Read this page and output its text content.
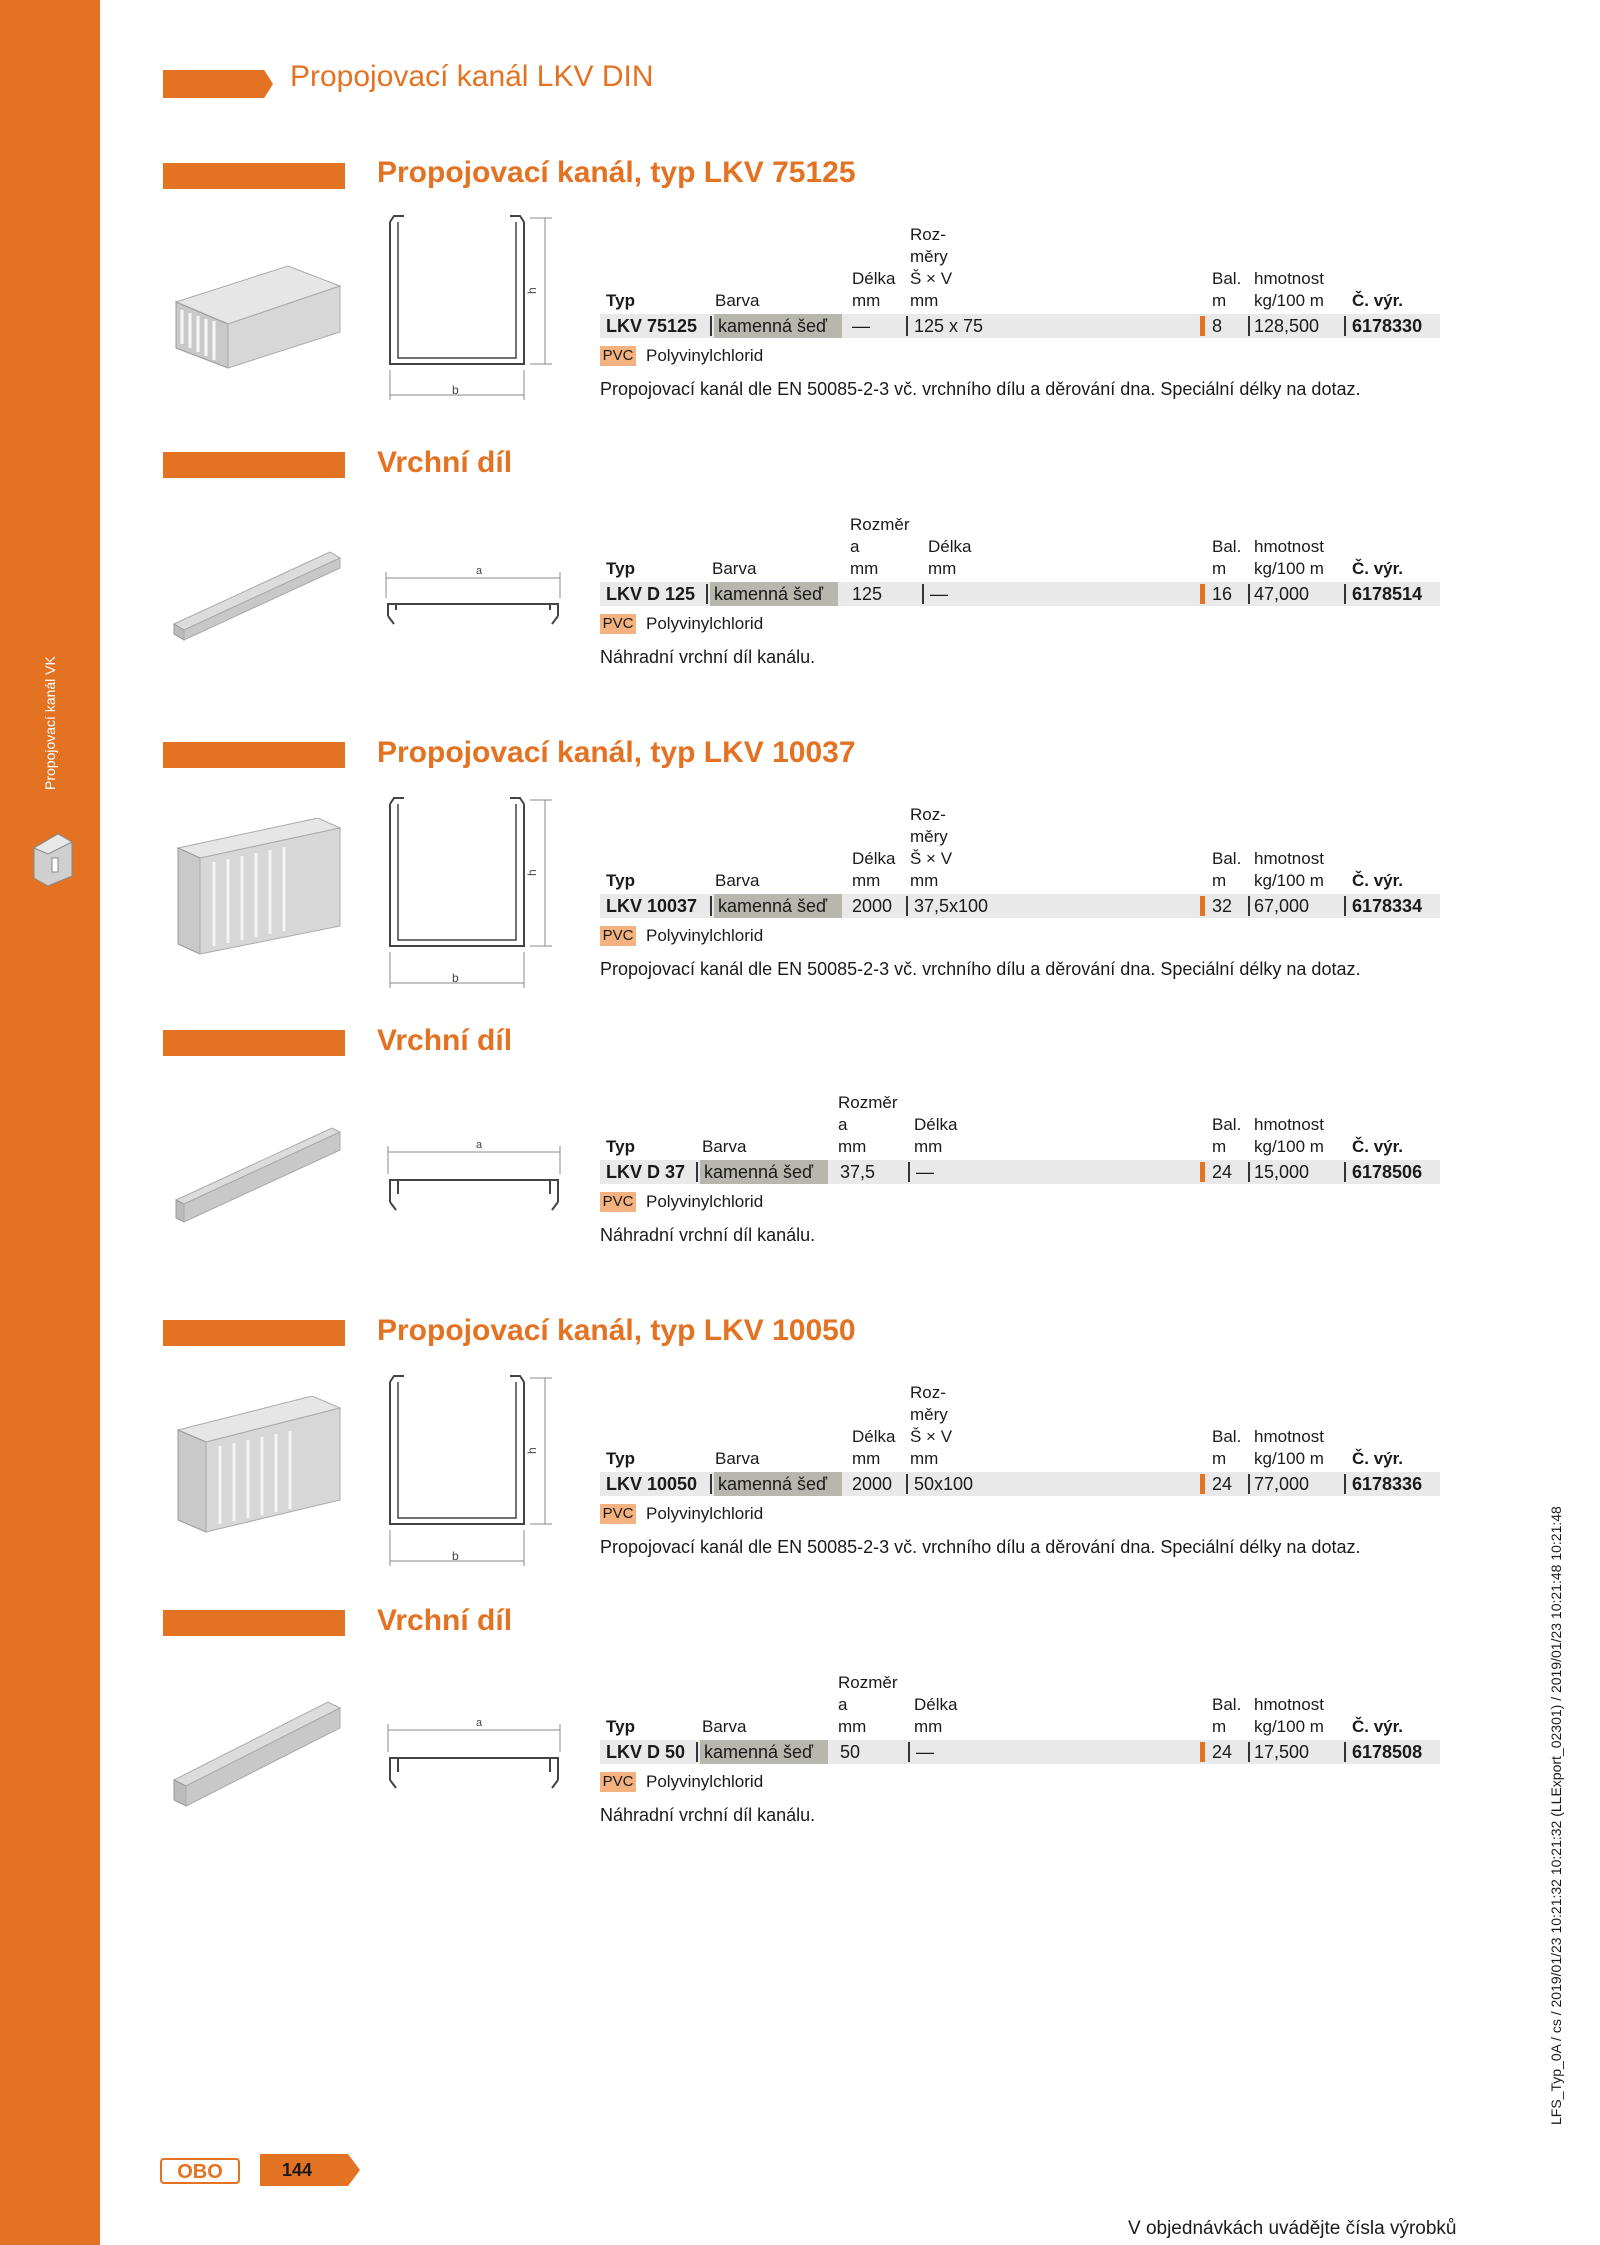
Propojovací kanál VK
Propojovací kanál LKV DIN
Propojovací kanál, typ LKV 75125
h
b
Roz-
měry
Délka Š × V	Bal. hmotnost
Typ	Barva	mm mm	m kg/100 m Č. výr.
LKV 75125 kamenná šeď	— 125 x 75	8 128,500 6178330
PVC Polyvinylchlorid
Propojovací kanál dle EN 50085-2-3 vč. vrchního dílu a děrování dna. Speciální délky na dotaz.
Vrchní díl
a
Rozměr
a	Délka	Bal. hmotnost
Typ	Barva	mm	mm	m kg/100 m Č. výr.
LKV D 125 kamenná šeď	125	—	16 47,000 6178514
PVC Polyvinylchlorid
Náhradní vrchní díl kanálu.
Propojovací kanál, typ LKV 10037
h
b
Roz-
měry
Délka Š × V	Bal. hmotnost
Typ	Barva	mm mm	m kg/100 m Č. výr.
LKV 10037 kamenná šeď	2000 37,5x100	32 67,000 6178334
PVC Polyvinylchlorid
Propojovací kanál dle EN 50085-2-3 vč. vrchního dílu a děrování dna. Speciální délky na dotaz.
Vrchní díl
a
Rozměr
a	Délka	Bal. hmotnost
Typ	Barva	mm	mm	m kg/100 m Č. výr.
LKV D 37 kamenná šeď	37,5 —	24 15,000 6178506
PVC Polyvinylchlorid
Náhradní vrchní díl kanálu.
Propojovací kanál, typ LKV 10050
h
b
Roz-
měry
Délka Š × V	Bal. hmotnost
Typ	Barva	mm mm	m kg/100 m Č. výr.
LKV 10050 kamenná šeď	2000 50x100	24 77,000 6178336
PVC Polyvinylchlorid
Propojovací kanál dle EN 50085-2-3 vč. vrchního dílu a děrování dna. Speciální délky na dotaz.
Vrchní díl
a
Rozměr
a	Délka	Bal. hmotnost
Typ	Barva	mm	mm	m kg/100 m Č. výr.
LKV D 50 kamenná šeď	50	—	24 17,500 6178508
PVC Polyvinylchlorid
Náhradní vrchní díl kanálu.
OBO	144
V objednávkách uvádějte čísla výrobků
LFS_Typ_0A / cs / 2019/01/23 10:21:32 10:21:32 (LLExport_02301) / 2019/01/23 10:21:48 10:21:48
